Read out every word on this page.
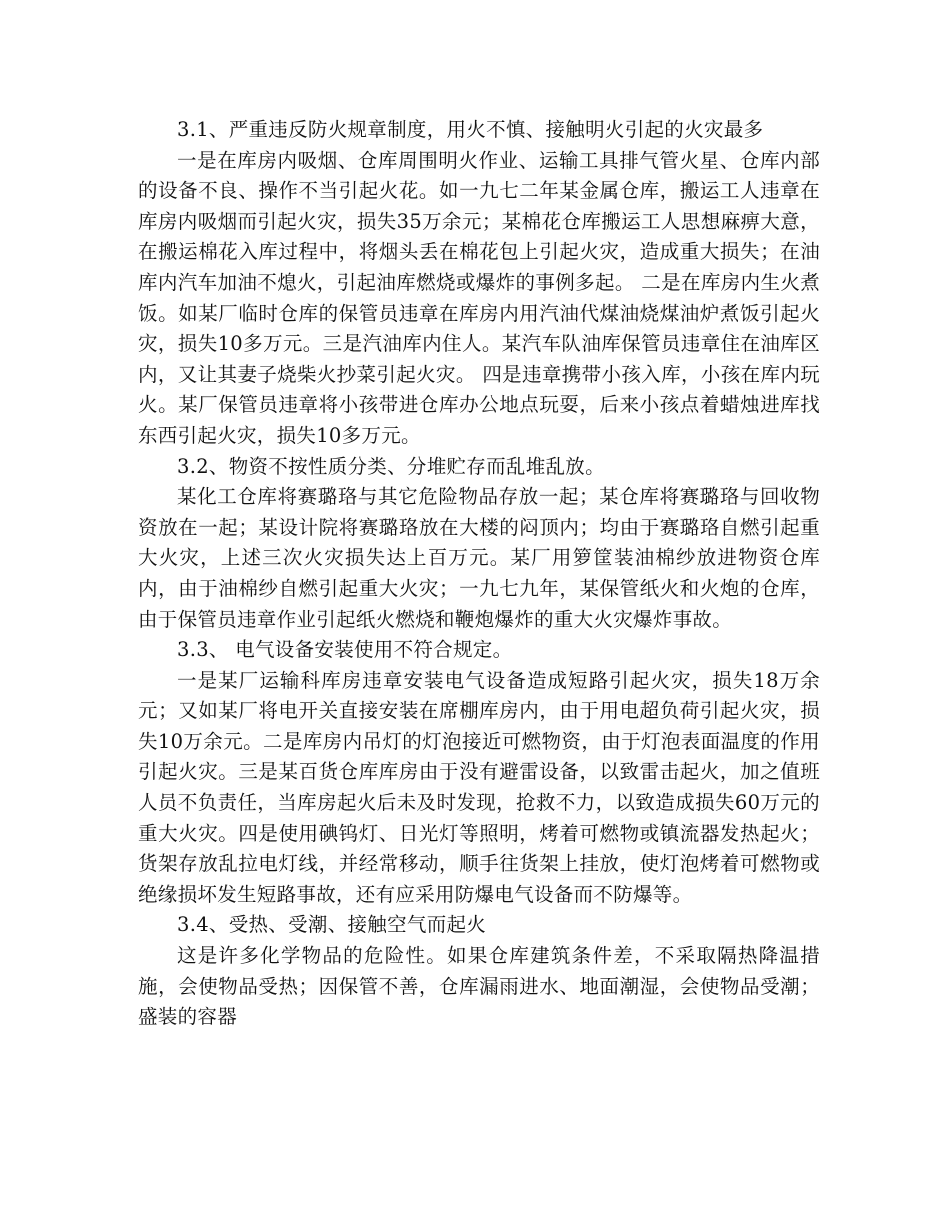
3.1、严重违反防火规章制度，用火不慎、接触明火引起的火灾最多

一是在库房内吸烟、仓库周围明火作业、运输工具排气管火星、仓库内部的设备不良、操作不当引起火花。如一九七二年某金属仓库，搬运工人违章在库房内吸烟而引起火灾，损失35万余元；某棉花仓库搬运工人思想麻痹大意，在搬运棉花入库过程中，将烟头丢在棉花包上引起火灾，造成重大损失；在油库内汽车加油不熄火，引起油库燃烧或爆炸的事例多起。 二是在库房内生火煮饭。如某厂临时仓库的保管员违章在库房内用汽油代煤油烧煤油炉煮饭引起火灾，损失10多万元。三是汽油库内住人。某汽车队油库保管员违章住在油库区内，又让其妻子烧柴火抄菜引起火灾。 四是违章携带小孩入库，小孩在库内玩火。某厂保管员违章将小孩带进仓库办公地点玩耍，后来小孩点着蜡烛进库找东西引起火灾，损失10多万元。

3.2、物资不按性质分类、分堆贮存而乱堆乱放。

某化工仓库将赛璐珞与其它危险物品存放一起；某仓库将赛璐珞与回收物资放在一起；某设计院将赛璐珞放在大楼的闷顶内；均由于赛璐珞自燃引起重大火灾，上述三次火灾损失达上百万元。某厂用箩筐装油棉纱放进物资仓库内，由于油棉纱自燃引起重大火灾；一九七九年，某保管纸火和火炮的仓库，由于保管员违章作业引起纸火燃烧和鞭炮爆炸的重大火灾爆炸事故。

3.3、 电气设备安装使用不符合规定。

一是某厂运输科库房违章安装电气设备造成短路引起火灾，损失18万余元；又如某厂将电开关直接安装在席棚库房内，由于用电超负荷引起火灾，损失10万余元。二是库房内吊灯的灯泡接近可燃物资，由于灯泡表面温度的作用引起火灾。三是某百货仓库库房由于没有避雷设备，以致雷击起火，加之值班人员不负责任，当库房起火后未及时发现，抢救不力，以致造成损失60万元的重大火灾。四是使用碘钨灯、日光灯等照明，烤着可燃物或镇流器发热起火；货架存放乱拉电灯线，并经常移动，顺手往货架上挂放，使灯泡烤着可燃物或绝缘损坏发生短路事故，还有应采用防爆电气设备而不防爆等。

3.4、受热、受潮、接触空气而起火

这是许多化学物品的危险性。如果仓库建筑条件差，不采取隔热降温措施，会使物品受热；因保管不善，仓库漏雨进水、地面潮湿，会使物品受潮；盛装的容器
